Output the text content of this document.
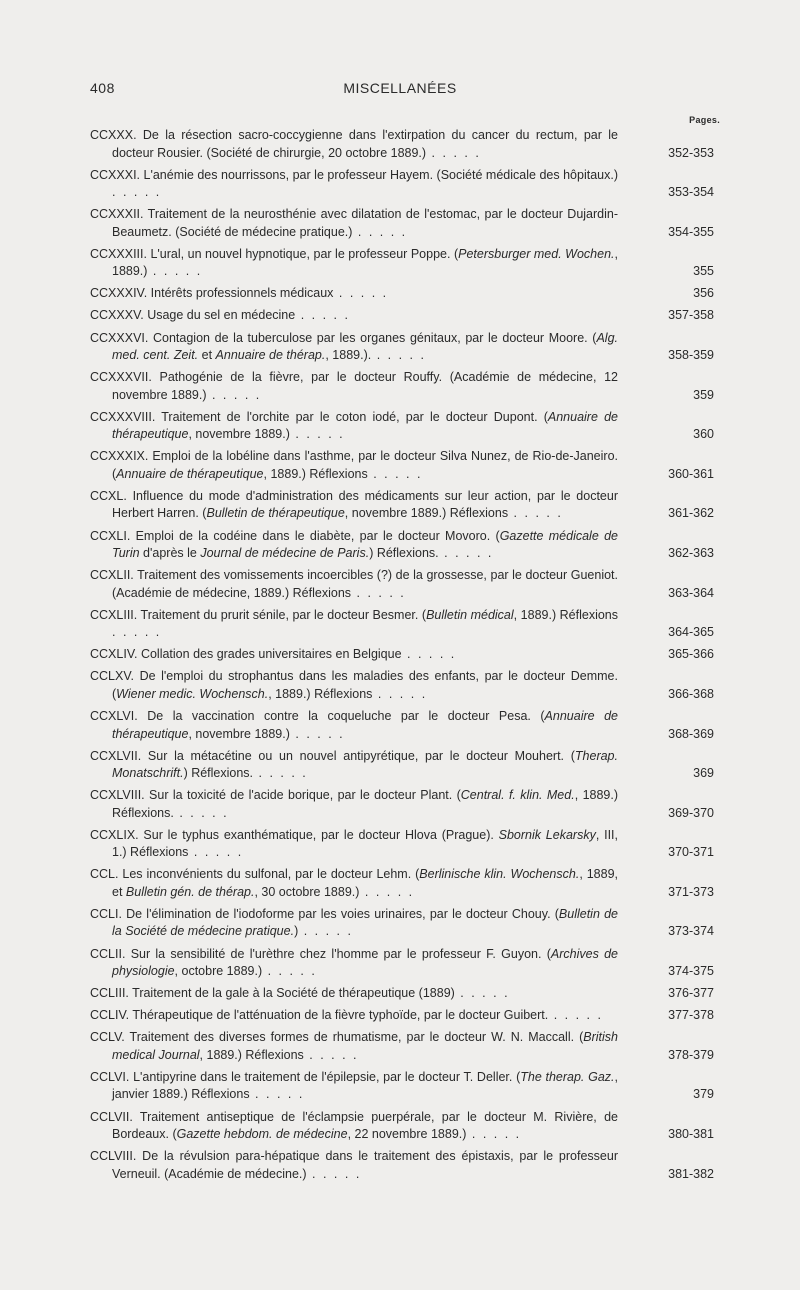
408	MISCELLANÉES
Pages.
CCXXX. De la résection sacro-coccygienne dans l'extirpation du cancer du rectum, par le docteur Rousier. (Société de chirurgie, 20 octobre 1889.) . . . . .	352-353
CCXXXI. L'anémie des nourrissons, par le professeur Hayem. (Société médicale des hôpitaux.) . . . . .	353-354
CCXXXII. Traitement de la neurosthénie avec dilatation de l'estomac, par le docteur Dujardin-Beaumetz. (Société de médecine pratique.) . . . . .	354-355
CCXXXIII. L'ural, un nouvel hypnotique, par le professeur Poppe. (Petersburger med. Wochen., 1889.) . . . . .	355
CCXXXIV. Intérêts professionnels médicaux . . . . .	356
CCXXXV. Usage du sel en médecine . . . . .	357-358
CCXXXVI. Contagion de la tuberculose par les organes génitaux, par le docteur Moore. (Alg. med. cent. Zeit. et Annuaire de thérap., 1889.). . . . . .	358-359
CCXXXVII. Pathogénie de la fièvre, par le docteur Rouffy. (Académie de médecine, 12 novembre 1889.) . . . . .	359
CCXXXVIII. Traitement de l'orchite par le coton iodé, par le docteur Dupont. (Annuaire de thérapeutique, novembre 1889.) . . . . .	360
CCXXXIX. Emploi de la lobéline dans l'asthme, par le docteur Silva Nunez, de Rio-de-Janeiro. (Annuaire de thérapeutique, 1889.) Réflexions . . . . .	360-361
CCXL. Influence du mode d'administration des médicaments sur leur action, par le docteur Herbert Harren. (Bulletin de thérapeutique, novembre 1889.) Réflexions . . . . .	361-362
CCXLI. Emploi de la codéine dans le diabète, par le docteur Movoro. (Gazette médicale de Turin d'après le Journal de médecine de Paris.) Réflexions. . . . . .	362-363
CCXLII. Traitement des vomissements incoercibles (?) de la grossesse, par le docteur Gueniot. (Académie de médecine, 1889.) Réflexions . . . . .	363-364
CCXLIII. Traitement du prurit sénile, par le docteur Besmer. (Bulletin médical, 1889.) Réflexions . . . . .	364-365
CCXLIV. Collation des grades universitaires en Belgique . . . . .	365-366
CCLXV. De l'emploi du strophantus dans les maladies des enfants, par le docteur Demme. (Wiener medic. Wochensch., 1889.) Réflexions . . . . .	366-368
CCXLVI. De la vaccination contre la coqueluche par le docteur Pesa. (Annuaire de thérapeutique, novembre 1889.) . . . . .	368-369
CCXLVII. Sur la métacétine ou un nouvel antipyrétique, par le docteur Mouhert. (Therap. Monatschrift.) Réflexions. . . . . .	369
CCXLVIII. Sur la toxicité de l'acide borique, par le docteur Plant. (Central. f. klin. Med., 1889.) Réflexions. . . . . .	369-370
CCXLIX. Sur le typhus exanthématique, par le docteur Hlova (Prague). Sbornik Lekarsky, III, 1.) Réflexions . . . . .	370-371
CCL. Les inconvénients du sulfonal, par le docteur Lehm. (Berlinische klin. Wochensch., 1889, et Bulletin gén. de thérap., 30 octobre 1889.) . . . . .	371-373
CCLI. De l'élimination de l'iodoforme par les voies urinaires, par le docteur Chouy. (Bulletin de la Société de médecine pratique.) . . . . .	373-374
CCLII. Sur la sensibilité de l'urèthre chez l'homme par le professeur F. Guyon. (Archives de physiologie, octobre 1889.) . . . . .	374-375
CCLIII. Traitement de la gale à la Société de thérapeutique (1889) . . . . .	376-377
CCLIV. Thérapeutique de l'atténuation de la fièvre typhoïde, par le docteur Guibert. . . . . .	377-378
CCLV. Traitement des diverses formes de rhumatisme, par le docteur W. N. Maccall. (British medical Journal, 1889.) Réflexions . . . . .	378-379
CCLVI. L'antipyrine dans le traitement de l'épilepsie, par le docteur T. Deller. (The therap. Gaz., janvier 1889.) Réflexions . . . . .	379
CCLVII. Traitement antiseptique de l'éclampsie puerpérale, par le docteur M. Rivière, de Bordeaux. (Gazette hebdom. de médecine, 22 novembre 1889.) . . . . .	380-381
CCLVIII. De la révulsion para-hépatique dans le traitement des épistaxis, par le professeur Verneuil. (Académie de médecine.) . . . . .	381-382
